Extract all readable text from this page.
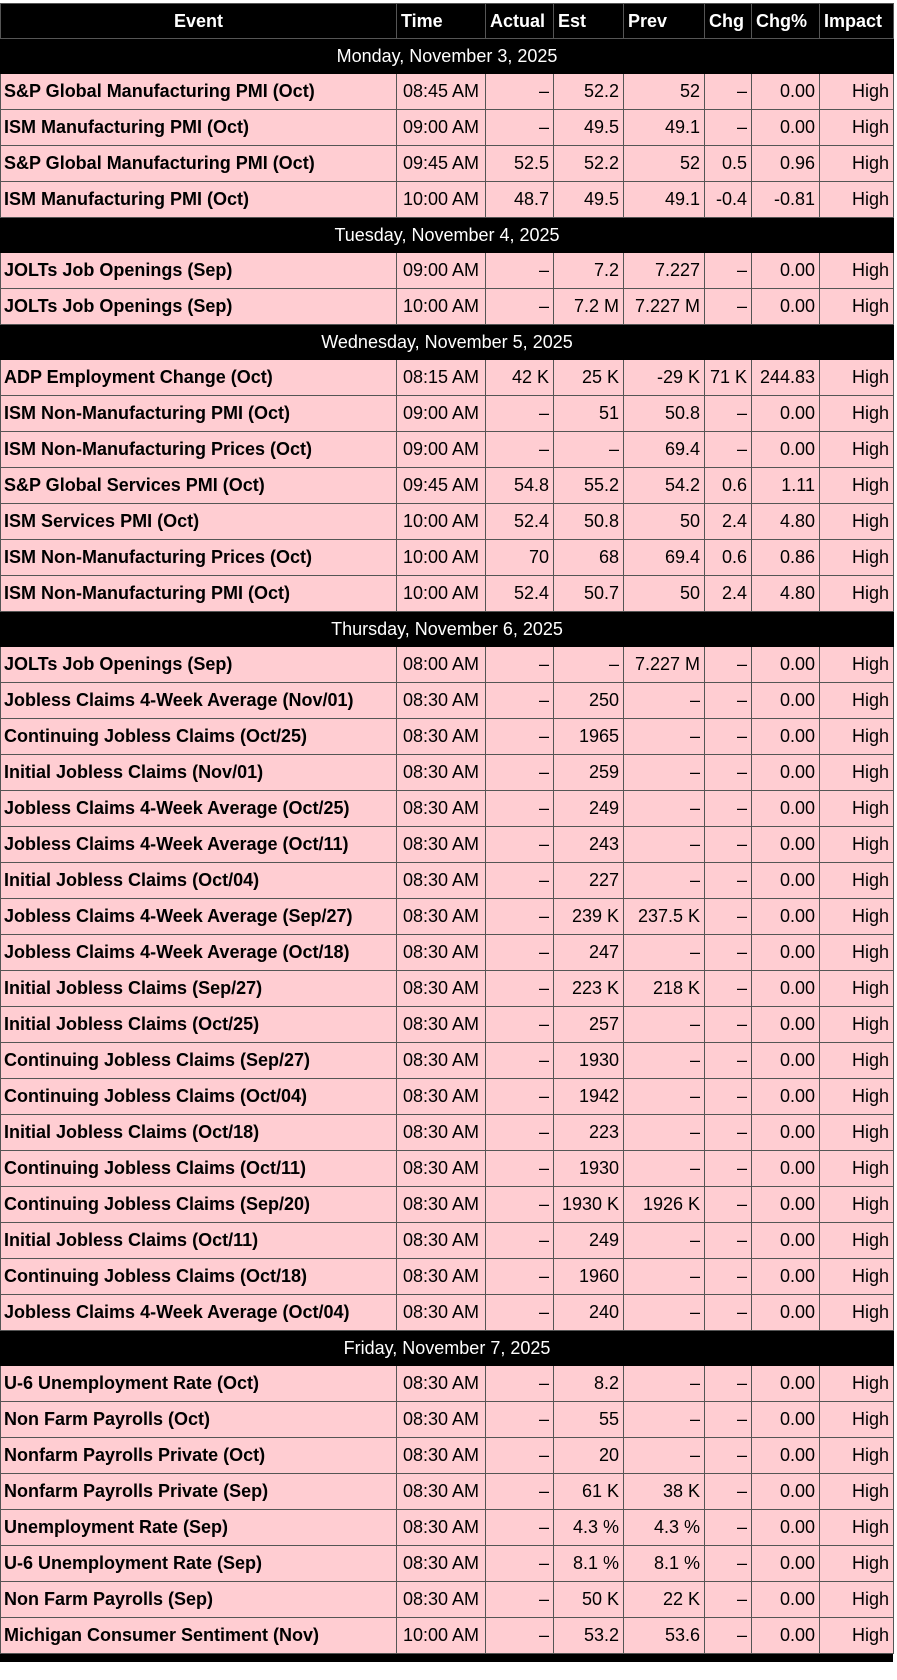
Event	Time	Actual	Est	Prev	Chg	Chg%	Impact
Monday, November 3, 2025							
S&P Global Manufacturing PMI (Oct)	08:45 AM	–	52.2	52	–	0.00	High
ISM Manufacturing PMI (Oct)	09:00 AM	–	49.5	49.1	–	0.00	High
S&P Global Manufacturing PMI (Oct)	09:45 AM	52.5	52.2	52	0.5	0.96	High
ISM Manufacturing PMI (Oct)	10:00 AM	48.7	49.5	49.1	-0.4	-0.81	High
Tuesday, November 4, 2025							
JOLTs Job Openings (Sep)	09:00 AM	–	7.2	7.227	–	0.00	High
JOLTs Job Openings (Sep)	10:00 AM	–	7.2 M	7.227 M	–	0.00	High
Wednesday, November 5, 2025							
ADP Employment Change (Oct)	08:15 AM	42 K	25 K	-29 K	71 K	244.83	High
ISM Non-Manufacturing PMI (Oct)	09:00 AM	–	51	50.8	–	0.00	High
ISM Non-Manufacturing Prices (Oct)	09:00 AM	–	–	69.4	–	0.00	High
S&P Global Services PMI (Oct)	09:45 AM	54.8	55.2	54.2	0.6	1.11	High
ISM Services PMI (Oct)	10:00 AM	52.4	50.8	50	2.4	4.80	High
ISM Non-Manufacturing Prices (Oct)	10:00 AM	70	68	69.4	0.6	0.86	High
ISM Non-Manufacturing PMI (Oct)	10:00 AM	52.4	50.7	50	2.4	4.80	High
Thursday, November 6, 2025							
JOLTs Job Openings (Sep)	08:00 AM	–	–	7.227 M	–	0.00	High
Jobless Claims 4-Week Average (Nov/01)	08:30 AM	–	250	–	–	0.00	High
Continuing Jobless Claims (Oct/25)	08:30 AM	–	1965	–	–	0.00	High
Initial Jobless Claims (Nov/01)	08:30 AM	–	259	–	–	0.00	High
Jobless Claims 4-Week Average (Oct/25)	08:30 AM	–	249	–	–	0.00	High
Jobless Claims 4-Week Average (Oct/11)	08:30 AM	–	243	–	–	0.00	High
Initial Jobless Claims (Oct/04)	08:30 AM	–	227	–	–	0.00	High
Jobless Claims 4-Week Average (Sep/27)	08:30 AM	–	239 K	237.5 K	–	0.00	High
Jobless Claims 4-Week Average (Oct/18)	08:30 AM	–	247	–	–	0.00	High
Initial Jobless Claims (Sep/27)	08:30 AM	–	223 K	218 K	–	0.00	High
Initial Jobless Claims (Oct/25)	08:30 AM	–	257	–	–	0.00	High
Continuing Jobless Claims (Sep/27)	08:30 AM	–	1930	–	–	0.00	High
Continuing Jobless Claims (Oct/04)	08:30 AM	–	1942	–	–	0.00	High
Initial Jobless Claims (Oct/18)	08:30 AM	–	223	–	–	0.00	High
Continuing Jobless Claims (Oct/11)	08:30 AM	–	1930	–	–	0.00	High
Continuing Jobless Claims (Sep/20)	08:30 AM	–	1930 K	1926 K	–	0.00	High
Initial Jobless Claims (Oct/11)	08:30 AM	–	249	–	–	0.00	High
Continuing Jobless Claims (Oct/18)	08:30 AM	–	1960	–	–	0.00	High
Jobless Claims 4-Week Average (Oct/04)	08:30 AM	–	240	–	–	0.00	High
Friday, November 7, 2025							
U-6 Unemployment Rate (Oct)	08:30 AM	–	8.2	–	–	0.00	High
Non Farm Payrolls (Oct)	08:30 AM	–	55	–	–	0.00	High
Nonfarm Payrolls Private (Oct)	08:30 AM	–	20	–	–	0.00	High
Nonfarm Payrolls Private (Sep)	08:30 AM	–	61 K	38 K	–	0.00	High
Unemployment Rate (Sep)	08:30 AM	–	4.3 %	4.3 %	–	0.00	High
U-6 Unemployment Rate (Sep)	08:30 AM	–	8.1 %	8.1 %	–	0.00	High
Non Farm Payrolls (Sep)	08:30 AM	–	50 K	22 K	–	0.00	High
Michigan Consumer Sentiment (Nov)	10:00 AM	–	53.2	53.6	–	0.00	High
